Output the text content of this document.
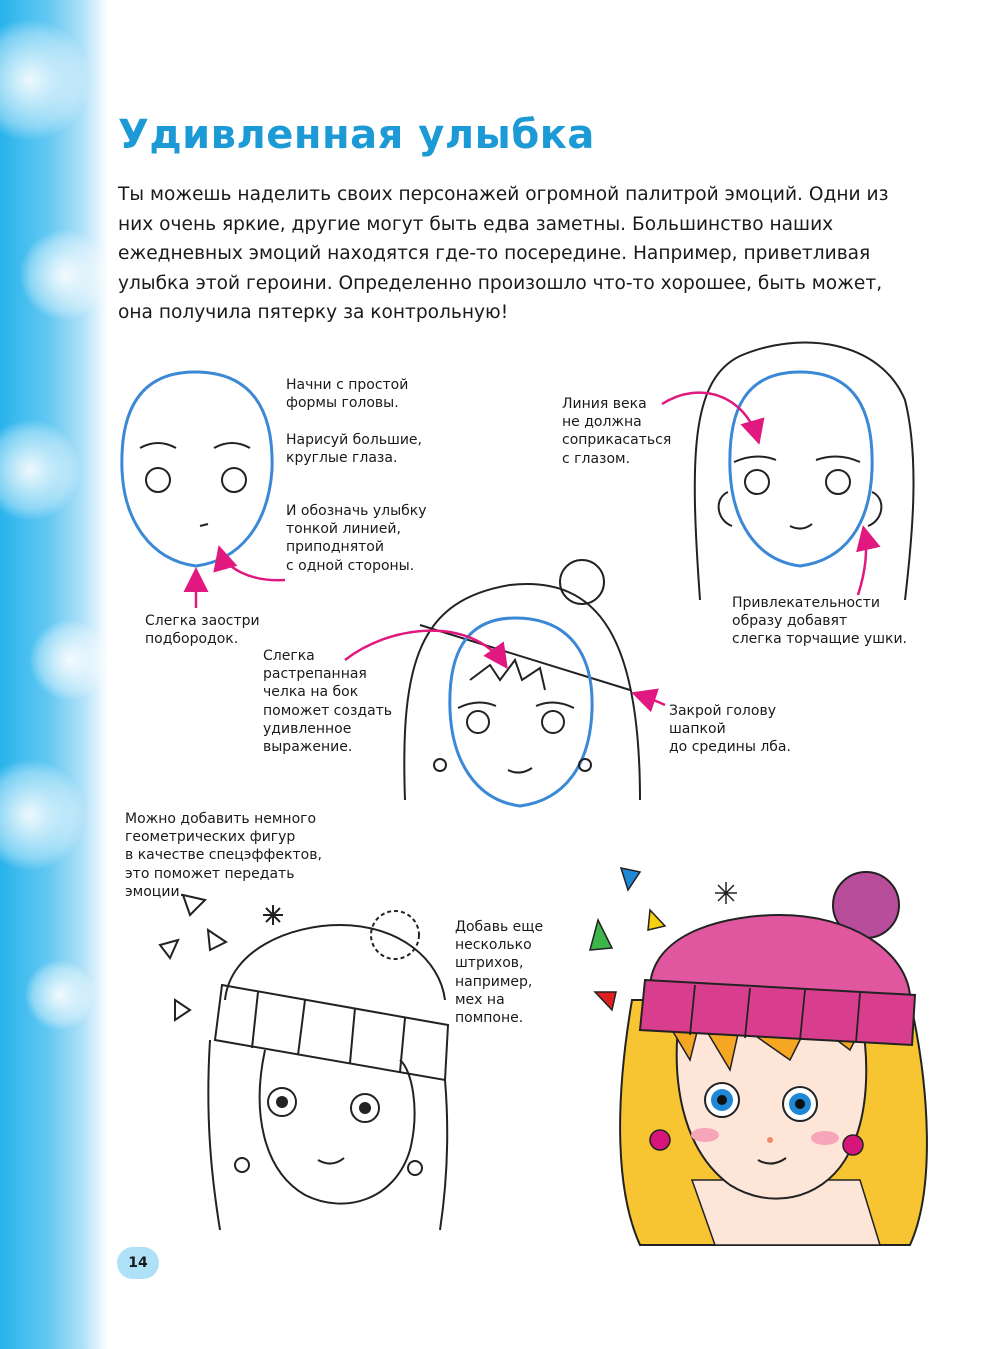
Удивленная улыбка

Ты можешь наделить своих персонажей огромной палитрой эмоций. Одни из них очень яркие, другие могут быть едва заметны. Большинство наших ежедневных эмоций находятся где-то посередине. Например, приветливая улыбка этой героини. Определенно произошло что-то хорошее, быть может, она получила пятерку за контрольную!

Начни с простой
формы головы.

Нарисуй большие,
круглые глаза.

И обозначь улыбку
тонкой линией,
приподнятой
с одной стороны.

Слегка заостри
подбородок.

Линия века
не должна
соприкасаться
с глазом.

Привлекательности
образу добавят
слегка торчащие ушки.

Слегка
растрепанная
челка на бок
поможет создать
удивленное
выражение.

Закрой голову
шапкой
до средины лба.

Можно добавить немного
геометрических фигур
в качестве спецэффектов,
это поможет передать
эмоции.

Добавь еще
несколько
штрихов,
например,
мех на
помпоне.

14
